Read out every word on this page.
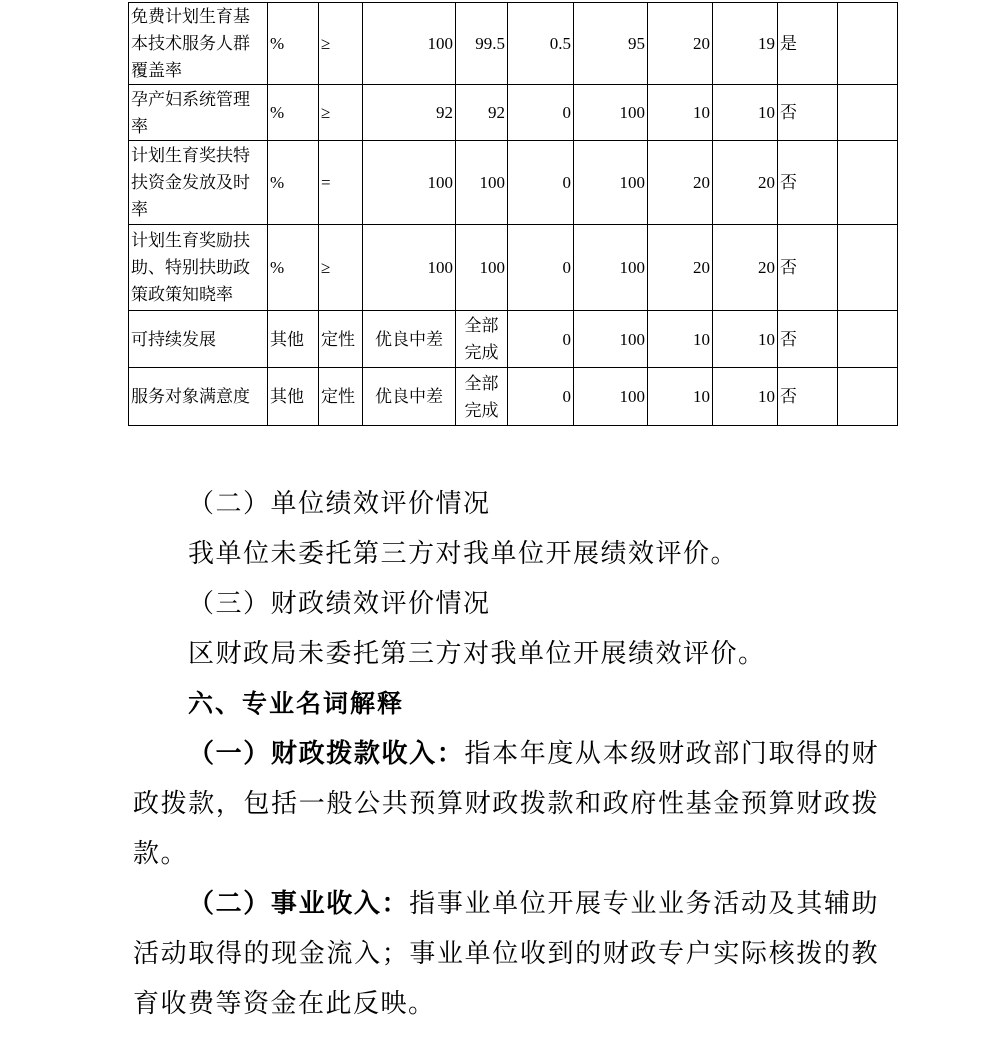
免费计划生育基本技术服务人群覆盖率	%	≥	100	99.5	0.5	95	20	19	是	
孕产妇系统管理率	%	≥	92	92	0	100	10	10	否	
计划生育奖扶特扶资金发放及时率	%	=	100	100	0	100	20	20	否	
计划生育奖励扶助、特别扶助政策政策知晓率	%	≥	100	100	0	100	20	20	否	
可持续发展	其他	定性	优良中差	全部完成	0	100	10	10	否	
服务对象满意度	其他	定性	优良中差	全部完成	0	100	10	10	否	

（二）单位绩效评价情况

我单位未委托第三方对我单位开展绩效评价。

（三）财政绩效评价情况

区财政局未委托第三方对我单位开展绩效评价。

六、专业名词解释

（一）财政拨款收入：指本年度从本级财政部门取得的财政拨款，包括一般公共预算财政拨款和政府性基金预算财政拨款。

（二）事业收入：指事业单位开展专业业务活动及其辅助活动取得的现金流入；事业单位收到的财政专户实际核拨的教育收费等资金在此反映。
